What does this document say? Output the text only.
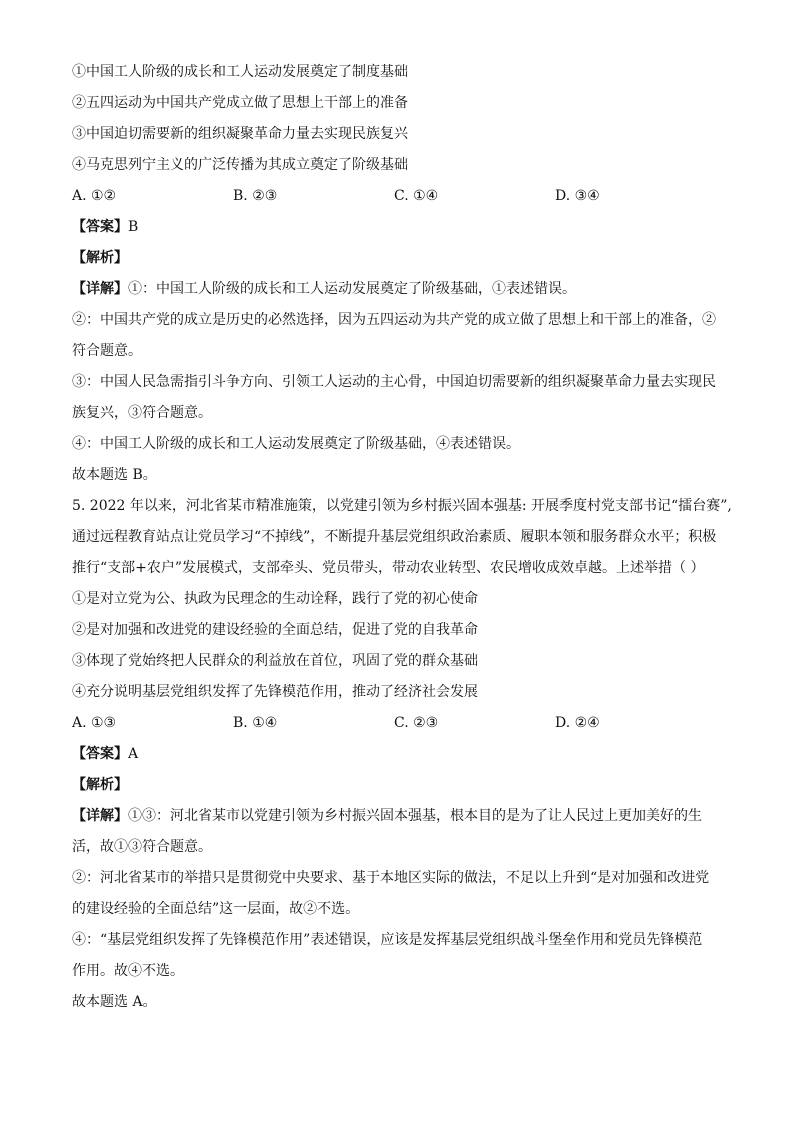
①中国工人阶级的成长和工人运动发展奠定了制度基础
②五四运动为中国共产党成立做了思想上干部上的准备
③中国迫切需要新的组织凝聚革命力量去实现民族复兴
④马克思列宁主义的广泛传播为其成立奠定了阶级基础
A. ①②	B. ②③	C. ①④	D. ③④
【答案】B
【解析】
【详解】①：中国工人阶级的成长和工人运动发展奠定了阶级基础，①表述错误。
②：中国共产党的成立是历史的必然选择，因为五四运动为共产党的成立做了思想上和干部上的准备，②
符合题意。
③：中国人民急需指引斗争方向、引领工人运动的主心骨，中国迫切需要新的组织凝聚革命力量去实现民
族复兴，③符合题意。
④：中国工人阶级的成长和工人运动发展奠定了阶级基础，④表述错误。
故本题选 B。
5. 2022 年以来，河北省某市精准施策，以党建引领为乡村振兴固本强基: 开展季度村党支部书记“擂台赛”,
通过远程教育站点让党员学习“不掉线”，不断提升基层党组织政治素质、履职本领和服务群众水平；积极
推行“支部+农户”发展模式，支部牵头、党员带头，带动农业转型、农民增收成效卓越。上述举措（ ）
①是对立党为公、执政为民理念的生动诠释，践行了党的初心使命
②是对加强和改进党的建设经验的全面总结，促进了党的自我革命
③体现了党始终把人民群众的利益放在首位，巩固了党的群众基础
④充分说明基层党组织发挥了先锋模范作用，推动了经济社会发展
A. ①③	B. ①④	C. ②③	D. ②④
【答案】A
【解析】
【详解】①③：河北省某市以党建引领为乡村振兴固本强基，根本目的是为了让人民过上更加美好的生
活，故①③符合题意。
②：河北省某市的举措只是贯彻党中央要求、基于本地区实际的做法，不足以上升到“是对加强和改进党
的建设经验的全面总结”这一层面，故②不选。
④：“基层党组织发挥了先锋模范作用”表述错误，应该是发挥基层党组织战斗堡垒作用和党员先锋模范
作用。故④不选。
故本题选 A。
